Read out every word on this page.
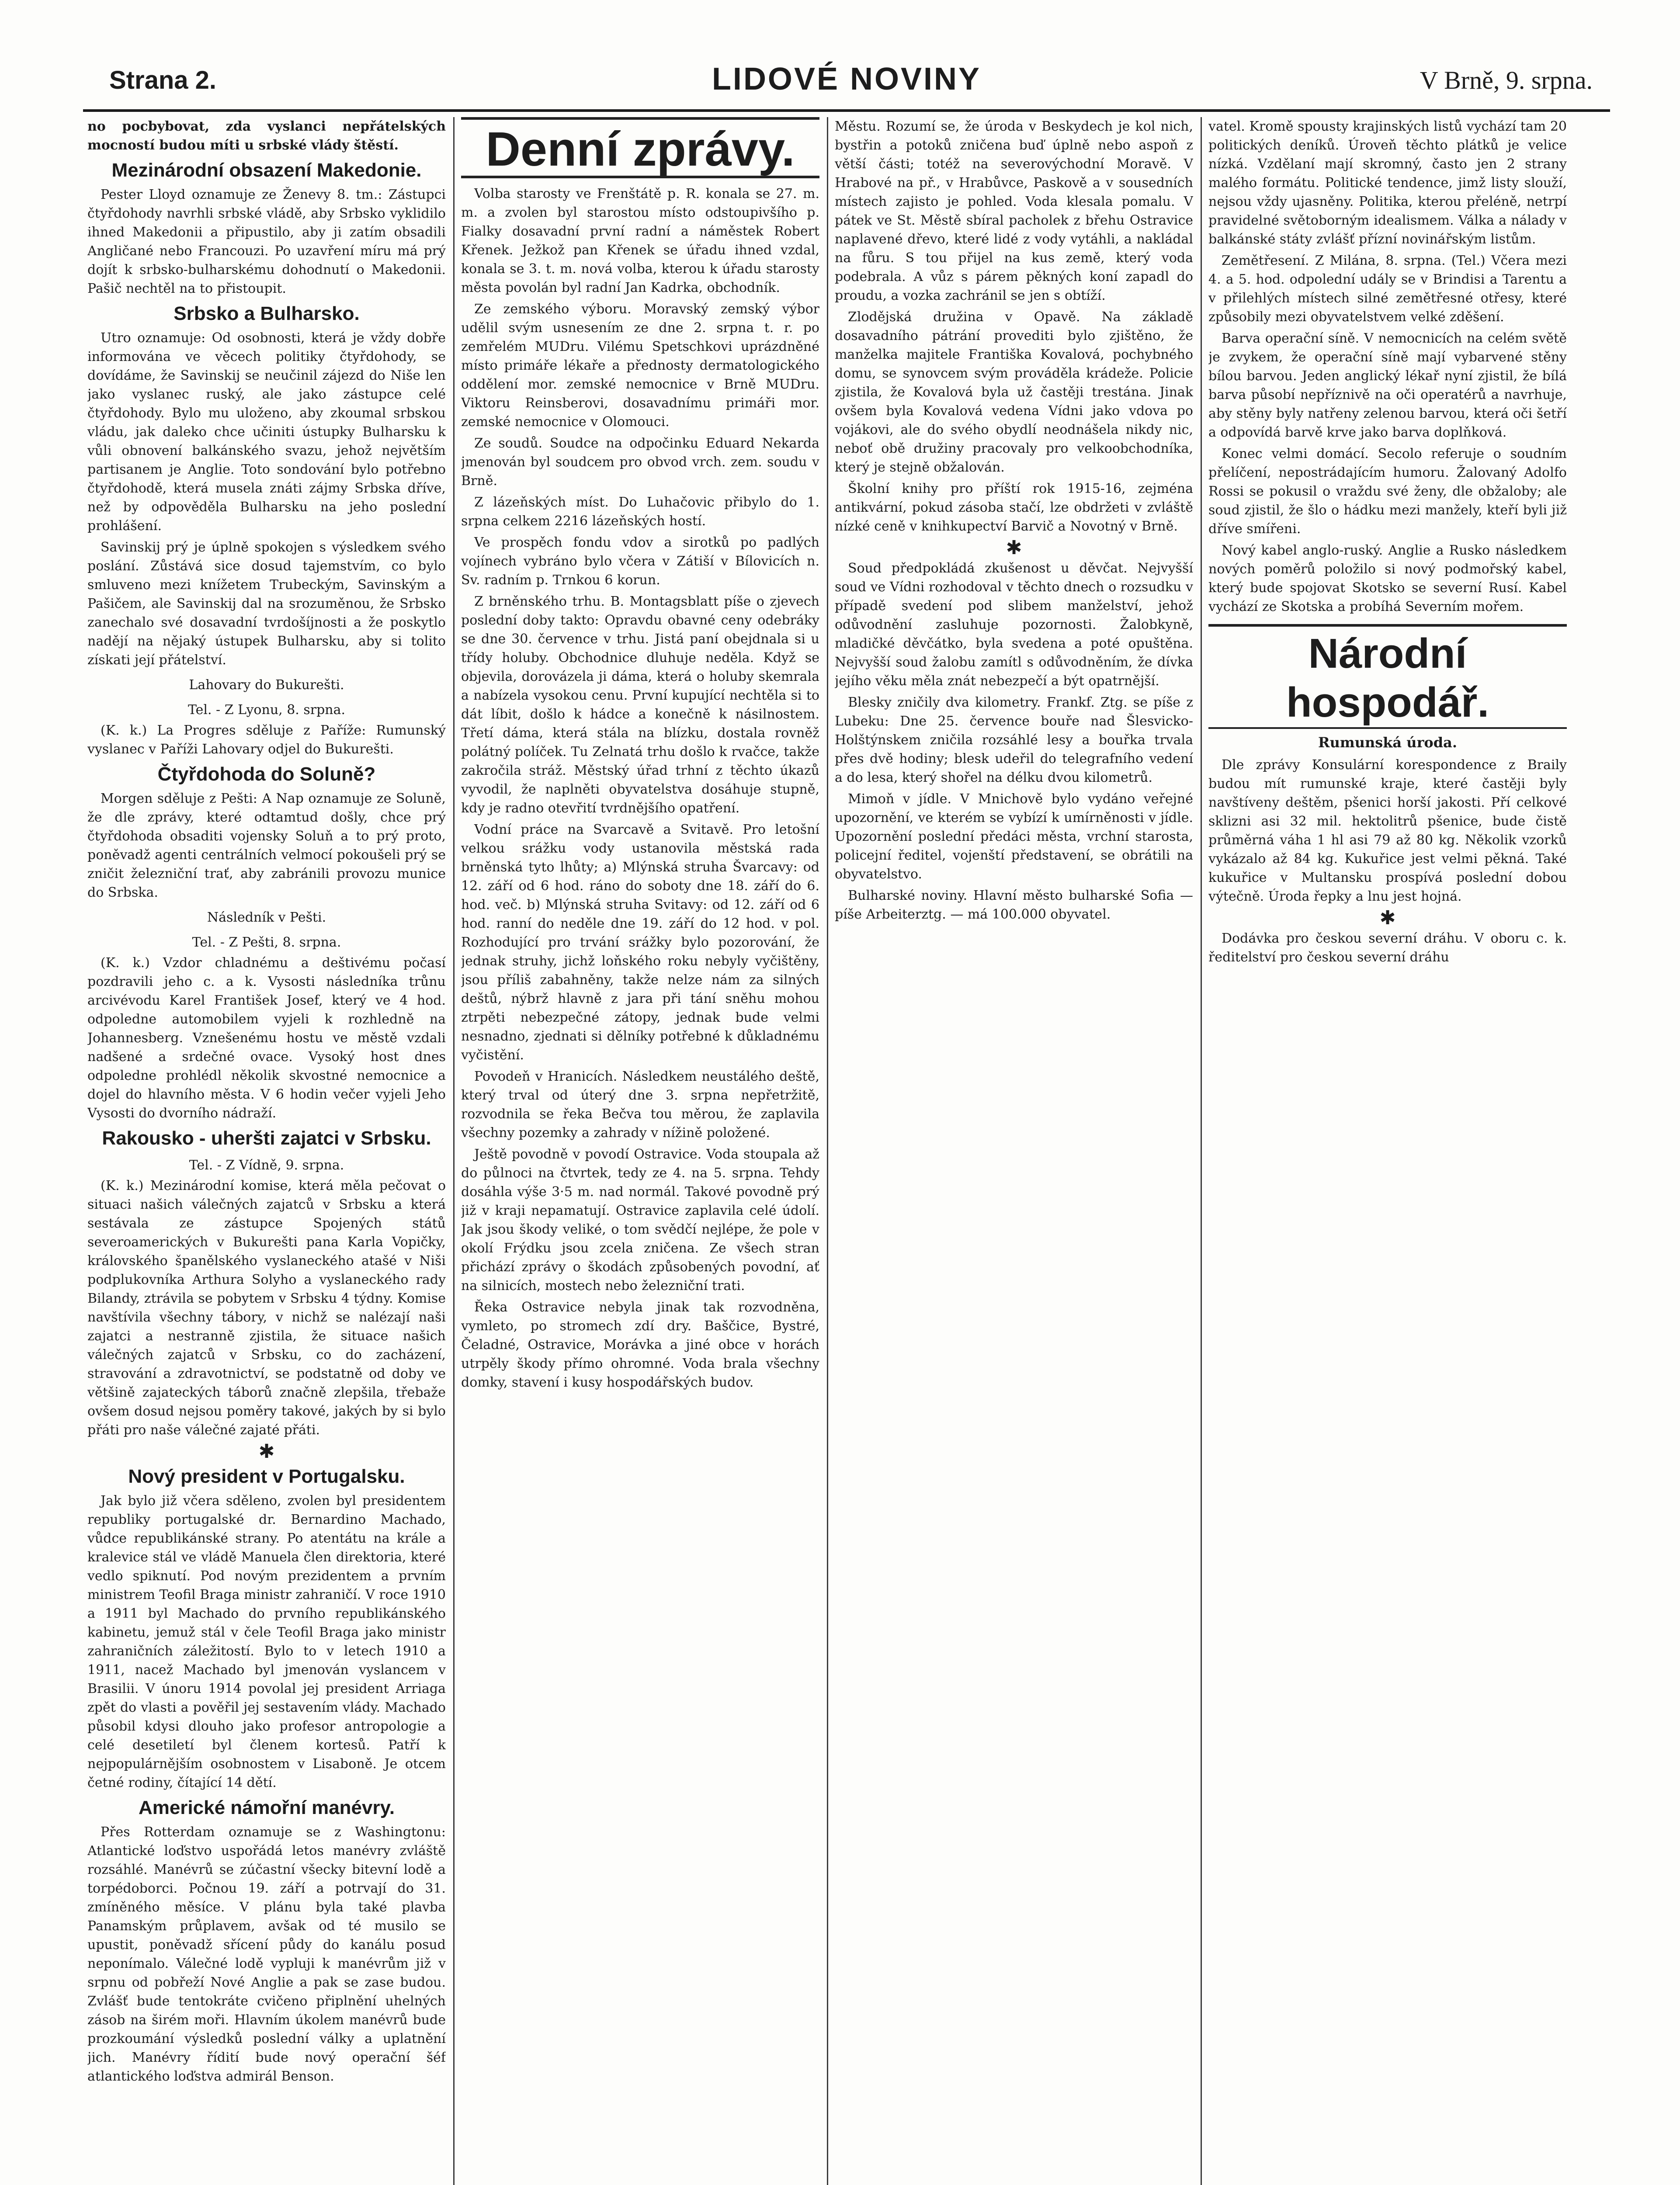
Strana 2.	LIDOVÉ NOVINY	V Brně, 9. srpna.

no pocbybovat, zda vyslanci nepřátelských mocností budou míti u srbské vlády štěstí.

Mezinárodní obsazení Makedonie.

Pester Lloyd oznamuje ze Ženevy 8. tm.: Zástupci čtyřdohody navrhli srbské vládě, aby Srbsko vyklidilo ihned Makedonii a připustilo, aby ji zatím obsadili Angličané nebo Francouzi. Po uzavření míru má prý dojít k srbsko-bulharskému dohodnutí o Makedonii. Pašič nechtěl na to přistoupit.

Srbsko a Bulharsko.

Utro oznamuje: Od osobnosti, která je vždy dobře informována ve věcech politiky čtyřdohody, se dovídáme, že Savinskij se neučinil zájezd do Niše len jako vyslanec ruský, ale jako zástupce celé čtyřdohody. Bylo mu uloženo, aby zkoumal srbskou vládu, jak daleko chce učiniti ústupky Bulharsku k vůli obnovení balkánského svazu, jehož největším partisanem je Anglie. Toto sondování bylo potřebno čtyřdohodě, která musela znáti zájmy Srbska dříve, než by odpověděla Bulharsku na jeho poslední prohlášení.

Savinskij prý je úplně spokojen s výsledkem svého poslání. Zůstává sice dosud tajemstvím, co bylo smluveno mezi knížetem Trubeckým, Savinským a Pašičem, ale Savinskij dal na srozuměnou, že Srbsko zanechalo své dosavadní tvrdošíjnosti a že poskytlo nadějí na nějaký ústupek Bulharsku, aby si tolito získati její přátelství.

Lahovary do Bukurešti.
Tel. - Z Lyonu, 8. srpna.

(K. k.) La Progres sděluje z Paříže: Rumunský vyslanec v Paříži Lahovary odjel do Bukurešti.

Čtyřdohoda do Soluně?

Morgen sděluje z Pešti: A Nap oznamuje ze Soluně, že dle zprávy, které odtamtud došly, chce prý čtyřdohoda obsaditi vojensky Soluň a to prý proto, poněvadž agenti centrálních velmocí pokoušeli prý se zničit železniční trať, aby zabránili provozu munice do Srbska.

Následník v Pešti.
Tel. - Z Pešti, 8. srpna.

(K. k.) Vzdor chladnému a deštivému počasí pozdravili jeho c. a k. Vysosti následníka trůnu arcivévodu Karel František Josef, který ve 4 hod. odpoledne automobilem vyjeli k rozhledně na Johannesberg. Vznešenému hostu ve městě vzdali nadšené a srdečné ovace. Vysoký host dnes odpoledne prohlédl několik skvostné nemocnice a dojel do hlavního města. V 6 hodin večer vyjeli Jeho Vysosti do dvorního nádraží.

Rakousko - uheršti zajatci v Srbsku.
Tel. - Z Vídně, 9. srpna.

(K. k.) Mezinárodní komise, která měla pečovat o situaci našich válečných zajatců v Srbsku a která sestávala ze zástupce Spojených států severoamerických v Bukurešti pana Karla Vopičky, královského španělského vyslaneckého atašé v Niši podplukovníka Arthura Solyho a vyslaneckého rady Bilandy, ztrávila se pobytem v Srbsku 4 týdny. Komise navštívila všechny tábory, v nichž se nalézají naši zajatci a nestranně zjistila, že situace našich válečných zajatců v Srbsku, co do zacházení, stravování a zdravotnictví, se podstatně od doby ve většině zajateckých táborů značně zlepšila, třebaže ovšem dosud nejsou poměry takové, jakých by si bylo přáti pro naše válečné zajaté přáti.

✱
Nový president v Portugalsku.

Jak bylo již včera sděleno, zvolen byl presidentem republiky portugalské dr. Bernardino Machado, vůdce republikánské strany. Po atentátu na krále a kralevice stál ve vládě Manuela člen direktoria, které vedlo spiknutí. Pod novým prezidentem a prvním ministrem Teofil Braga ministr zahraničí. V roce 1910 a 1911 byl Machado do prvního republikánského kabinetu, jemuž stál v čele Teofil Braga jako ministr zahraničních záležitostí. Bylo to v letech 1910 a 1911, nacež Machado byl jmenován vyslancem v Brasilii. V únoru 1914 povolal jej president Arriaga zpět do vlasti a pověřil jej sestavením vlády. Machado působil kdysi dlouho jako profesor antropologie a celé desetiletí byl členem kortesů. Patří k nejpopulárnějším osobnostem v Lisaboně. Je otcem četné rodiny, čítající 14 dětí.

Americké námořní manévry.

Přes Rotterdam oznamuje se z Washingtonu: Atlantické loďstvo uspořádá letos manévry zvláště rozsáhlé. Manévrů se zúčastní všecky bitevní lodě a torpédoborci. Počnou 19. září a potrvají do 31. zmíněného měsíce. V plánu byla také plavba Panamským průplavem, avšak od té musilo se upustit, poněvadž sřícení půdy do kanálu posud neponímalo. Válečné lodě vypluji k manévrům již v srpnu od pobřeží Nové Anglie a pak se zase budou. Zvlášť bude tentokráte cvičeno připlnění uhelných zásob na širém moři. Hlavním úkolem manévrů bude prozkoumání výsledků poslední války a uplatnění jich. Manévry řídití bude nový operační šéf atlantického loďstva admirál Benson.

Denní zprávy.

Volba starosty ve Frenštátě p. R. konala se 27. m. m. a zvolen byl starostou místo odstoupivšího p. Fialky dosavadní první radní a náměstek Robert Křenek. Ježkož pan Křenek se úřadu ihned vzdal, konala se 3. t. m. nová volba, kterou k úřadu starosty města povolán byl radní Jan Kadrka, obchodník.

Ze zemského výboru. Moravský zemský výbor udělil svým usnesením ze dne 2. srpna t. r. po zemřelém MUDru. Vilému Spetschkovi uprázdněné místo primáře lékaře a přednosty dermatologického oddělení mor. zemské nemocnice v Brně MUDru. Viktoru Reinsberovi, dosavadnímu primáři mor. zemské nemocnice v Olomouci.

Ze soudů. Soudce na odpočinku Eduard Nekarda jmenován byl soudcem pro obvod vrch. zem. soudu v Brně.

Z lázeňských míst. Do Luhačovic přibylo do 1. srpna celkem 2216 lázeňských hostí.

Ve prospěch fondu vdov a sirotků po padlých vojínech vybráno bylo včera v Zátiší v Bílovicích n. Sv. radním p. Trnkou 6 korun.

Z brněnského trhu. B. Montagsblatt píše o zjevech poslední doby takto: Opravdu obavné ceny odebráky se dne 30. července v trhu. Jistá paní obejdnala si u třídy holuby. Obchodnice dluhuje neděla. Když se objevila, dorovázela ji dáma, která o holuby skemrala a nabízela vysokou cenu. První kupující nechtěla si to dát líbit, došlo k hádce a konečně k násilnostem. Třetí dáma, která stála na blízku, dostala rovněž polátný políček. Tu Zelnatá trhu došlo k rvačce, takže zakročila stráž. Městský úřad trhní z těchto úkazů vyvodil, že naplněti obyvatelstva dosáhuje stupně, kdy je radno otevřití tvrdnějšího opatření.

Vodní práce na Svarcavě a Svitavě. Pro letošní velkou srážku vody ustanovila městská rada brněnská tyto lhůty; a) Mlýnská struha Švarcavy: od 12. září od 6 hod. ráno do soboty dne 18. září do 6. hod. več. b) Mlýnská struha Svitavy: od 12. září od 6 hod. ranní do neděle dne 19. září do 12 hod. v pol. Rozhodující pro trvání srážky bylo pozorování, že jednak struhy, jichž loňského roku nebyly vyčištěny, jsou příliš zabahněny, takže nelze nám za silných deštů, nýbrž hlavně z jara při tání sněhu mohou ztrpěti nebezpečné zátopy, jednak bude velmi nesnadno, zjednati si dělníky potřebné k důkladnému vyčistění.

Povodeň v Hranicích. Následkem neustálého deště, který trval od úterý dne 3. srpna nepřetržitě, rozvodnila se řeka Bečva tou měrou, že zaplavila všechny pozemky a zahrady v nížině položené.

Ještě povodně v povodí Ostravice. Voda stoupala až do půlnoci na čtvrtek, tedy ze 4. na 5. srpna. Tehdy dosáhla výše 3·5 m. nad normál. Takové povodně prý již v kraji nepamatují. Ostravice zaplavila celé údolí. Jak jsou škody veliké, o tom svědčí nejlépe, že pole v okolí Frýdku jsou zcela zničena. Ze všech stran přichází zprávy o škodách způsobených povodní, ať na silnicích, mostech nebo železniční trati.

Řeka Ostravice nebyla jinak tak rozvodněna, vymleto, po stromech zdí dry. Baščice, Bystré, Čeladné, Ostravice, Morávka a jiné obce v horách utrpěly škody přímo ohromné. Voda brala všechny domky, stavení i kusy hospodářských budov.

Městu. Rozumí se, že úroda v Beskydech je kol nich, bystřin a potoků zničena buď úplně nebo aspoň z větší části; totéž na severovýchodní Moravě. V Hrabové na př., v Hrabůvce, Paskově a v sousedních místech zajisto je pohled. Voda klesala pomalu. V pátek ve St. Městě sbíral pacholek z břehu Ostravice naplavené dřevo, které lidé z vody vytáhli, a nakládal na fůru. S tou přijel na kus země, který voda podebrala. A vůz s párem pěkných koní zapadl do proudu, a vozka zachránil se jen s obtíží.

Zlodějská družina v Opavě. Na základě dosavadního pátrání provediti bylo zjištěno, že manželka majitele Františka Kovalová, pochybného domu, se synovcem svým prováděla krádeže. Policie zjistila, že Kovalová byla už častěji trestána. Jinak ovšem byla Kovalová vedena Vídni jako vdova po vojákovi, ale do svého obydlí neodnášela nikdy nic, neboť obě družiny pracovaly pro velkoobchodníka, který je stejně obžalován.

Školní knihy pro příští rok 1915-16, zejména antikvární, pokud zásoba stačí, lze obdržeti v zvláště nízké ceně v knihkupectví Barvič a Novotný v Brně.

✱

Soud předpokládá zkušenost u děvčat. Nejvyšší soud ve Vídni rozhodoval v těchto dnech o rozsudku v případě svedení pod slibem manželství, jehož odůvodnění zasluhuje pozornosti. Žalobkyně, mladičké děvčátko, byla svedena a poté opuštěna. Nejvyšší soud žalobu zamítl s odůvodněním, že dívka jejího věku měla znát nebezpečí a být opatrnější.

Blesky zničily dva kilometry. Frankf. Ztg. se píše z Lubeku: Dne 25. července bouře nad Šlesvicko-Holštýnskem zničila rozsáhlé lesy a bouřka trvala přes dvě hodiny; blesk udeřil do telegrafního vedení a do lesa, který shořel na délku dvou kilometrů.

Mimoň v jídle. V Mnichově bylo vydáno veřejné upozornění, ve kterém se vybízí k umírněnosti v jídle. Upozornění poslední předáci města, vrchní starosta, policejní ředitel, vojenští představení, se obrátili na obyvatelstvo.

Bulharské noviny. Hlavní město bulharské Sofia — píše Arbeiterztg. — má 100.000 obyvatel.

vatel. Kromě spousty krajinských listů vychází tam 20 politických deníků. Úroveň těchto plátků je velice nízká. Vzdělaní mají skromný, často jen 2 strany malého formátu. Politické tendence, jimž listy slouží, nejsou vždy ujasněny. Politika, kterou přeléně, netrpí pravidelné světoborným idealismem. Válka a nálady v balkánské státy zvlášť přízní novinářským listům.

Zemětřesení. Z Milána, 8. srpna. (Tel.) Včera mezi 4. a 5. hod. odpolední udály se v Brindisi a Tarentu a v přilehlých místech silné zemětřesné otřesy, které způsobily mezi obyvatelstvem velké zděšení.

Barva operační síně. V nemocnicích na celém světě je zvykem, že operační síně mají vybarvené stěny bílou barvou. Jeden anglický lékař nyní zjistil, že bílá barva působí nepříznivě na oči operatérů a navrhuje, aby stěny byly natřeny zelenou barvou, která oči šetří a odpovídá barvě krve jako barva doplňková.

Konec velmi domácí. Secolo referuje o soudním přelíčení, nepostrádajícím humoru. Žalovaný Adolfo Rossi se pokusil o vraždu své ženy, dle obžaloby; ale soud zjistil, že šlo o hádku mezi manžely, kteří byli již dříve smířeni.

Nový kabel anglo-ruský. Anglie a Rusko následkem nových poměrů položilo si nový podmořský kabel, který bude spojovat Skotsko se severní Rusí. Kabel vychází ze Skotska a probíhá Severním mořem.

Národní hospodář.
Rumunská úroda.

Dle zprávy Konsulární korespondence z Braily budou mít rumunské kraje, které častěji byly navštíveny deštěm, pšenici horší jakosti. Pří celkové sklizni asi 32 mil. hektolitrů pšenice, bude čistě průměrná váha 1 hl asi 79 až 80 kg. Několik vzorků vykázalo až 84 kg. Kukuřice jest velmi pěkná. Také kukuřice v Multansku prospívá poslední dobou výtečně. Úroda řepky a lnu jest hojná.

✱

Dodávka pro českou severní dráhu. V oboru c. k. ředitelství pro českou severní dráhu
